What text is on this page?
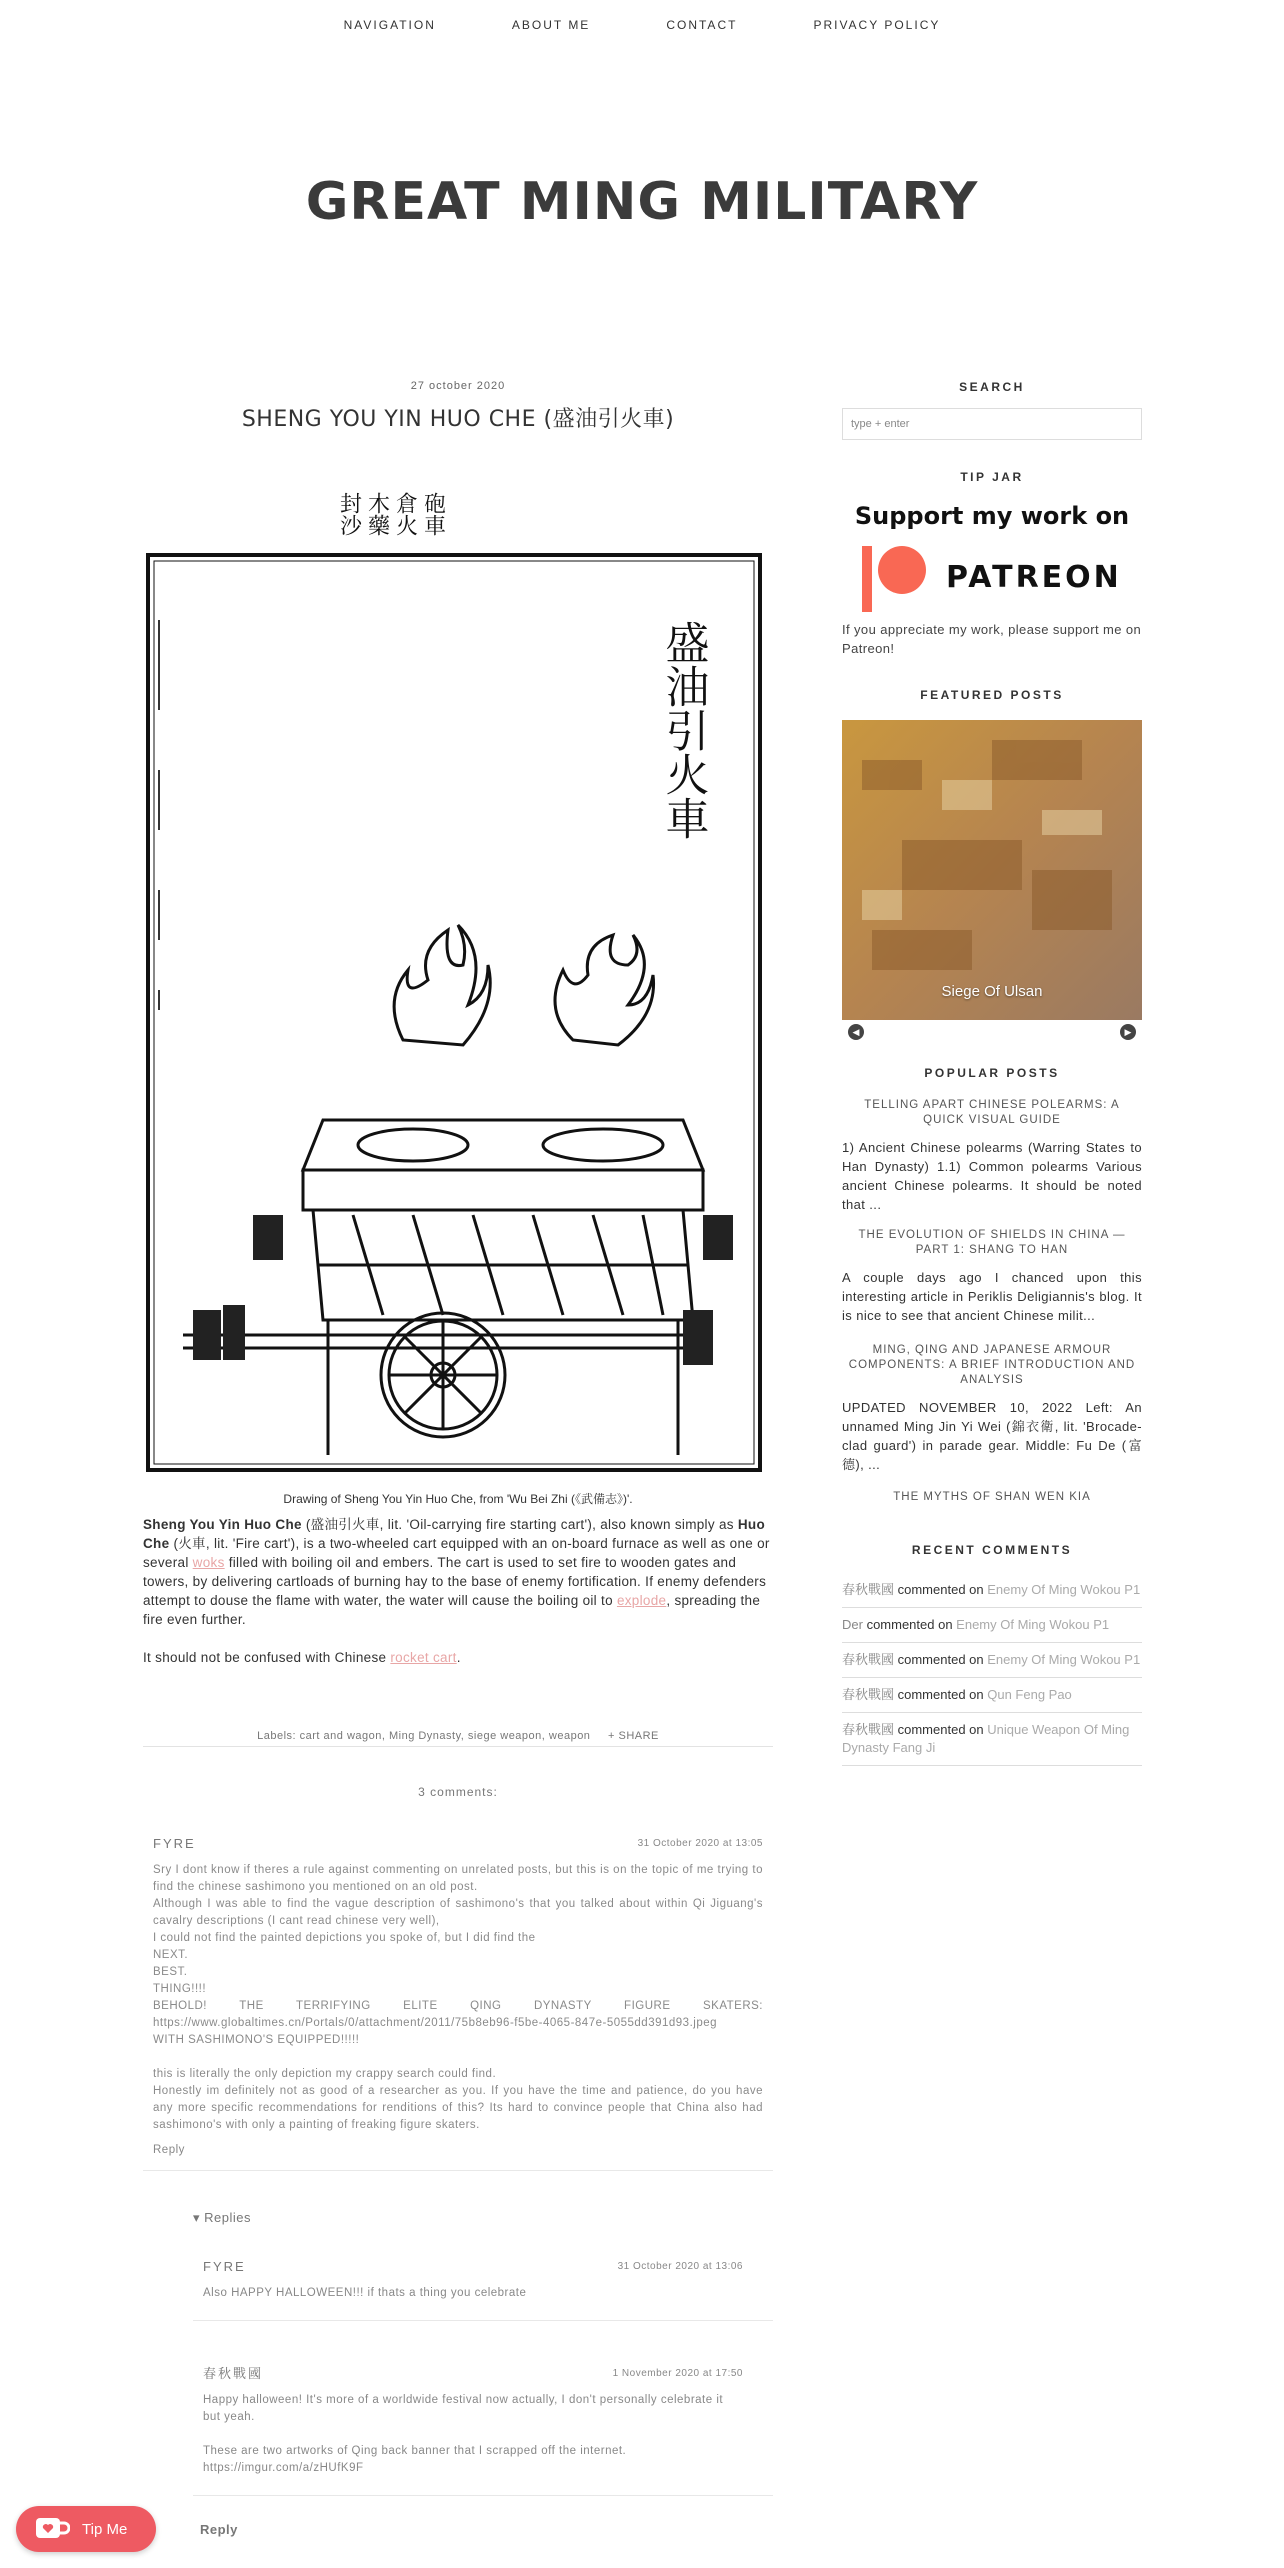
NAVIGATION	ABOUT ME	CONTACT	PRIVACY POLICY
GREAT MING MILITARY
27 october 2020
SHENG YOU YIN HUO CHE (盛油引火車)
砲車
倉火
木藥
封沙
盛油引火車
Drawing of Sheng You Yin Huo Che, from 'Wu Bei Zhi (《武備志》)'.

Sheng You Yin Huo Che (盛油引火車, lit. 'Oil-carrying fire starting cart'), also known simply as Huo Che (火車, lit. 'Fire cart'), is a two-wheeled cart equipped with an on-board furnace as well as one or several woks filled with boiling oil and embers. The cart is used to set fire to wooden gates and towers, by delivering cartloads of burning hay to the base of enemy fortification. If enemy defenders attempt to douse the flame with water, the water will cause the boiling oil to explode, spreading the fire even further.

It should not be confused with Chinese rocket cart.

Labels: cart and wagon, Ming Dynasty, siege weapon, weapon + SHARE
3 comments:
FYRE	31 October 2020 at 13:05
Sry I dont know if theres a rule against commenting on unrelated posts, but this is on the topic of me trying to find the chinese sashimono you mentioned on an old post.
Although I was able to find the vague description of sashimono's that you talked about within Qi Jiguang's cavalry descriptions (I cant read chinese very well),
I could not find the painted depictions you spoke of, but I did find the
NEXT.
BEST.
THING!!!!
BEHOLD! THE TERRIFYING ELITE QING DYNASTY FIGURE SKATERS: https://www.globaltimes.cn/Portals/0/attachment/2011/75b8eb96-f5be-4065-847e-5055dd391d93.jpeg
WITH SASHIMONO'S EQUIPPED!!!!!
this is literally the only depiction my crappy search could find.
Honestly im definitely not as good of a researcher as you. If you have the time and patience, do you have any more specific recommendations for renditions of this? Its hard to convince people that China also had sashimono's with only a painting of freaking figure skaters.
Reply
▾ Replies
FYRE	31 October 2020 at 13:06
Also HAPPY HALLOWEEN!!! if thats a thing you celebrate
春秋戰國	1 November 2020 at 17:50
Happy halloween! It's more of a worldwide festival now actually, I don't personally celebrate it but yeah.
These are two artworks of Qing back banner that I scrapped off the internet.
https://imgur.com/a/zHUfK9F
Reply
SEARCH
type + enter
TIP JAR
Support my work on
PATREON
If you appreciate my work, please support me on Patreon!
FEATURED POSTS
Siege Of Ulsan
◀	▶
POPULAR POSTS
TELLING APART CHINESE POLEARMS: A QUICK VISUAL GUIDE
1) Ancient Chinese polearms (Warring States to Han Dynasty) 1.1) Common polearms Various ancient Chinese polearms. It should be noted that ...
THE EVOLUTION OF SHIELDS IN CHINA — PART 1: SHANG TO HAN
A couple days ago I chanced upon this interesting article in Periklis Deligiannis's blog. It is nice to see that ancient Chinese milit...
MING, QING AND JAPANESE ARMOUR COMPONENTS: A BRIEF INTRODUCTION AND ANALYSIS
UPDATED NOVEMBER 10, 2022 Left: An unnamed Ming Jin Yi Wei (錦衣衛, lit. 'Brocade-clad guard') in parade gear. Middle: Fu De (富德), ...
THE MYTHS OF SHAN WEN KIA
RECENT COMMENTS
春秋戰國 commented on Enemy Of Ming Wokou P1
Der commented on Enemy Of Ming Wokou P1
春秋戰國 commented on Enemy Of Ming Wokou P1
春秋戰國 commented on Qun Feng Pao
春秋戰國 commented on Unique Weapon Of Ming Dynasty Fang Ji
Tip Me
